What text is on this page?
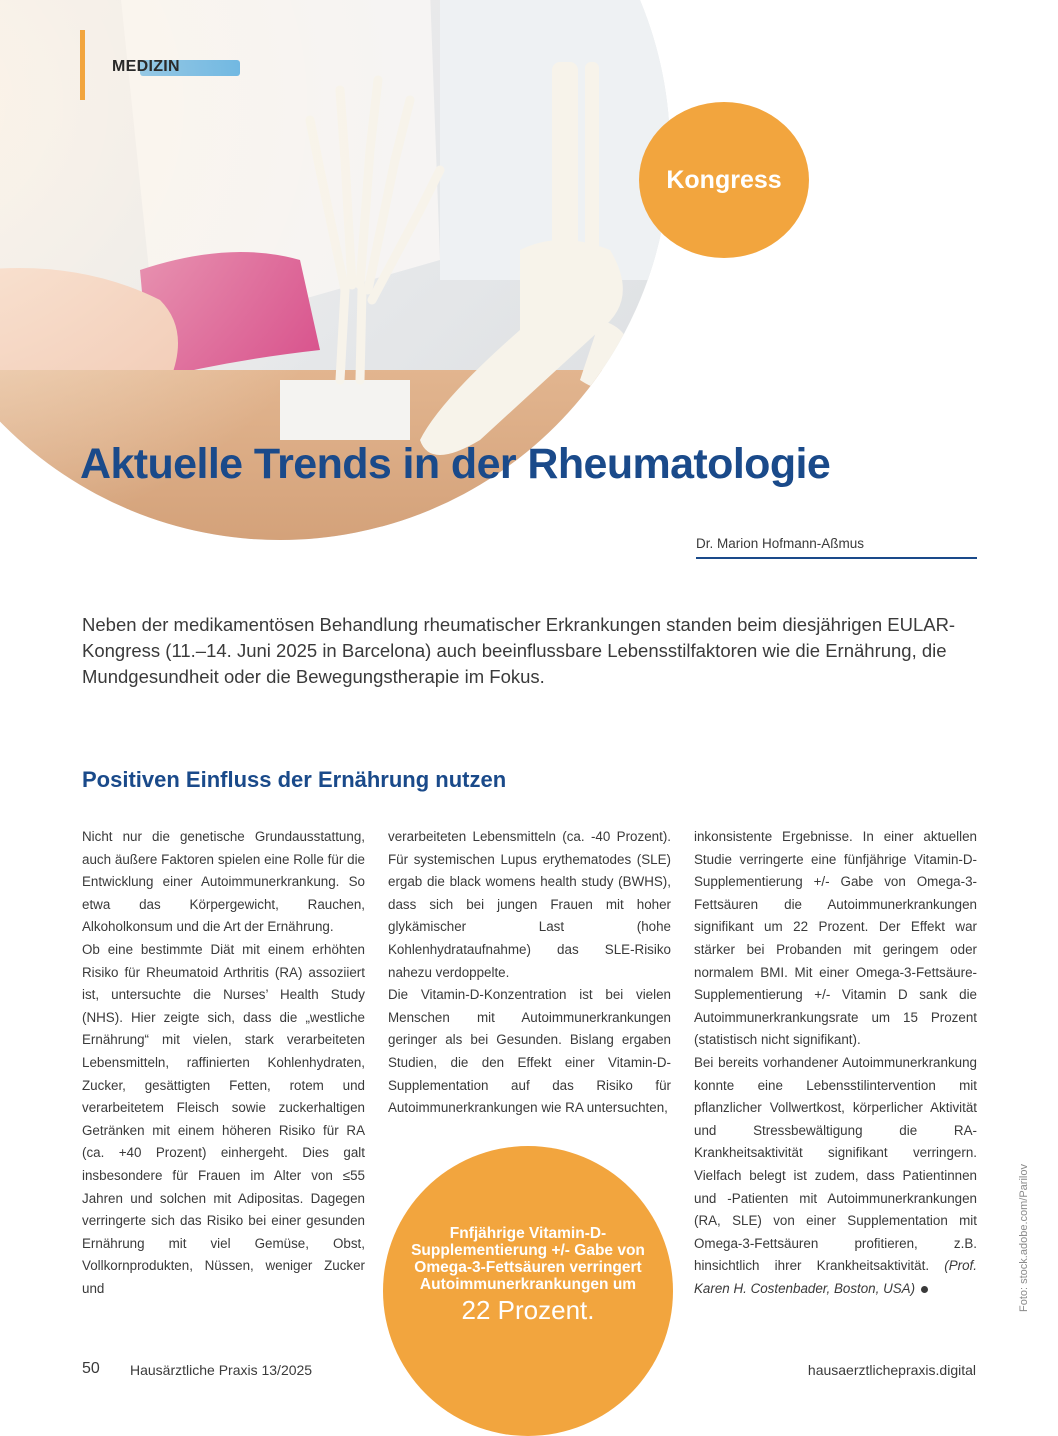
MEDIZIN
Kongress
Aktuelle Trends in der Rheumatologie
Dr. Marion Hofmann-Aßmus

Neben der medikamentösen Behandlung rheumatischer Erkrankungen standen beim diesjährigen EULAR-Kongress (11.–14. Juni 2025 in Barcelona) auch beeinflussbare Lebensstilfaktoren wie die Ernährung, die Mundgesundheit oder die Bewegungstherapie im Fokus.

Positiven Einfluss der Ernährung nutzen

Nicht nur die genetische Grundausstattung, auch äußere Faktoren spielen eine Rolle für die Entwicklung einer Autoimmunerkrankung. So etwa das Körpergewicht, Rauchen, Alkoholkonsum und die Art der Ernährung.

Ob eine bestimmte Diät mit einem erhöhten Risiko für Rheumatoid Arthritis (RA) assoziiert ist, untersuchte die Nurses’ Health Study (NHS). Hier zeigte sich, dass die „westliche Ernährung“ mit vielen, stark verarbeiteten Lebensmitteln, raffinierten Kohlenhydraten, Zucker, gesättigten Fetten, rotem und verarbeitetem Fleisch sowie zuckerhaltigen Getränken mit einem höheren Risiko für RA (ca. +40 Prozent) einhergeht. Dies galt insbesondere für Frauen im Alter von ≤55 Jahren und solchen mit Adipositas. Dagegen verringerte sich das Risiko bei einer gesunden Ernährung mit viel Gemüse, Obst, Vollkornprodukten, Nüssen, weniger Zucker und

verarbeiteten Lebensmitteln (ca. -40 Prozent). Für systemischen Lupus erythematodes (SLE) ergab die black womens health study (BWHS), dass sich bei jungen Frauen mit hoher glykämischer Last (hohe Kohlenhydrataufnahme) das SLE-Risiko nahezu verdoppelte.

Die Vitamin-D-Konzentration ist bei vielen Menschen mit Autoimmunerkrankungen geringer als bei Gesunden. Bislang ergaben Studien, die den Effekt einer Vitamin-D-Supplementation auf das Risiko für Autoimmunerkrankungen wie RA untersuchten,

inkonsistente Ergebnisse. In einer aktuellen Studie verringerte eine fünfjährige Vitamin-D-Supplementierung +/- Gabe von Omega-3-Fettsäuren die Autoimmunerkrankungen signifikant um 22 Prozent. Der Effekt war stärker bei Probanden mit geringem oder normalem BMI. Mit einer Omega-3-Fettsäure-Supplementierung +/- Vitamin D sank die Autoimmunerkrankungsrate um 15 Prozent (statistisch nicht signifikant).

Bei bereits vorhandener Autoimmunerkrankung konnte eine Lebensstilintervention mit pflanzlicher Vollwertkost, körperlicher Aktivität und Stressbewältigung die RA-Krankheitsaktivität signifikant verringern. Vielfach belegt ist zudem, dass Patientinnen und -Patienten mit Autoimmunerkrankungen (RA, SLE) von einer Supplementation mit Omega-3-Fettsäuren profitieren, z.B. hinsichtlich ihrer Krankheitsaktivität. (Prof. Karen H. Costenbader, Boston, USA)

Fnfjährige Vitamin-D-Supplementierung +/- Gabe von Omega-3-Fettsäuren verringert Autoimmunerkrankungen um
22 Prozent.	Foto: stock.adobe.com/Parilov
50 Hausärztliche Praxis 13/2025	hausaerztlichepraxis.digital
